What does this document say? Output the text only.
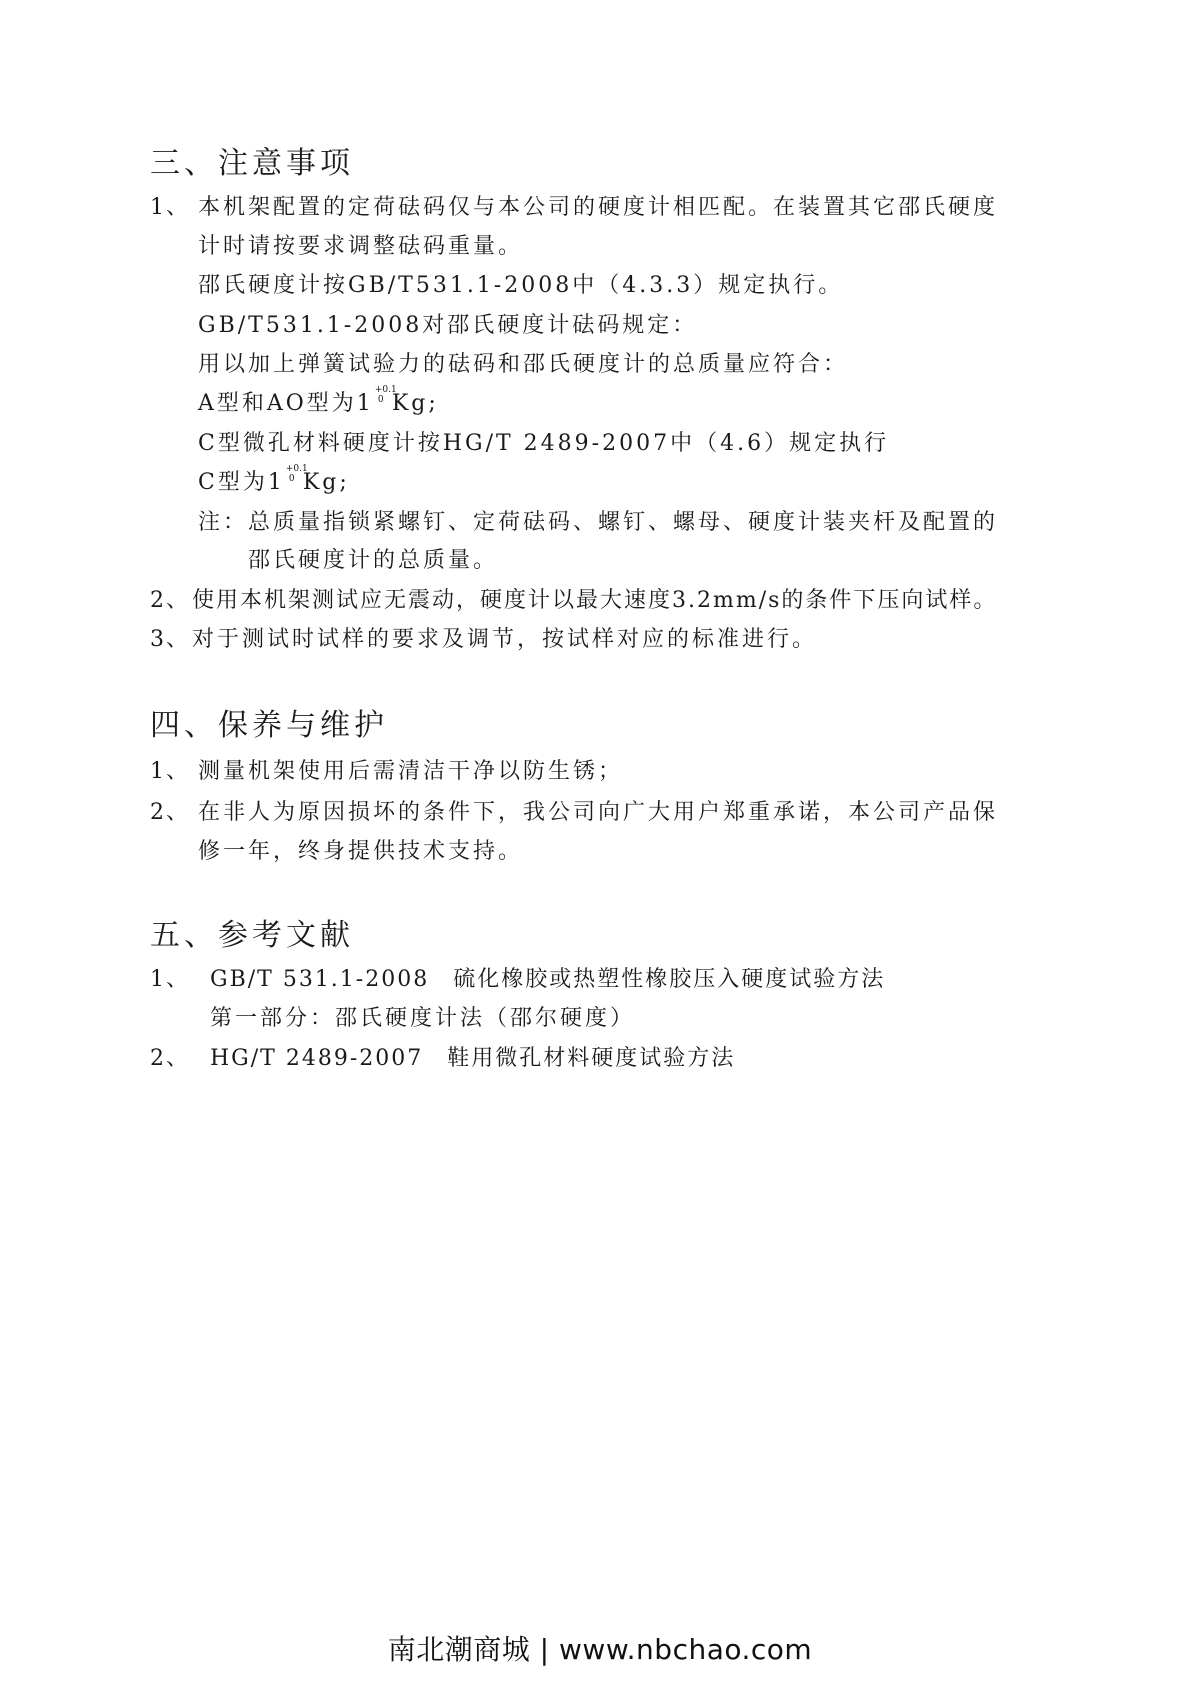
三、注意事项
1、 本机架配置的定荷砝码仅与本公司的硬度计相匹配。在装置其它邵氏硬度
计时请按要求调整砝码重量。
邵氏硬度计按GB/T531.1-2008中（4.3.3）规定执行。
GB/T531.1-2008对邵氏硬度计砝码规定：
用以加上弹簧试验力的砝码和邵氏硬度计的总质量应符合：
A型和AO型为1
+0.1
0 Kg;
C型微孔材料硬度计按HG/T 2489-2007中（4.6）规定执行
C型为1
+0.1
0 Kg;
注：总质量指锁紧螺钉、定荷砝码、螺钉、螺母、硬度计装夹杆及配置的
邵氏硬度计的总质量。
2、 使用本机架测试应无震动，硬度计以最大速度3.2mm/s的条件下压向试样。
3、 对于测试时试样的要求及调节，按试样对应的标准进行。
四、保养与维护
1、 测量机架使用后需清洁干净以防生锈；
2、 在非人为原因损坏的条件下，我公司向广大用户郑重承诺，本公司产品保
修一年，终身提供技术支持。
五、参考文献
1、 GB/T 531.1-2008　硫化橡胶或热塑性橡胶压入硬度试验方法
第一部分：邵氏硬度计法（邵尔硬度）
2、 HG/T 2489-2007　鞋用微孔材料硬度试验方法
南北潮商城 | www.nbchao.com
